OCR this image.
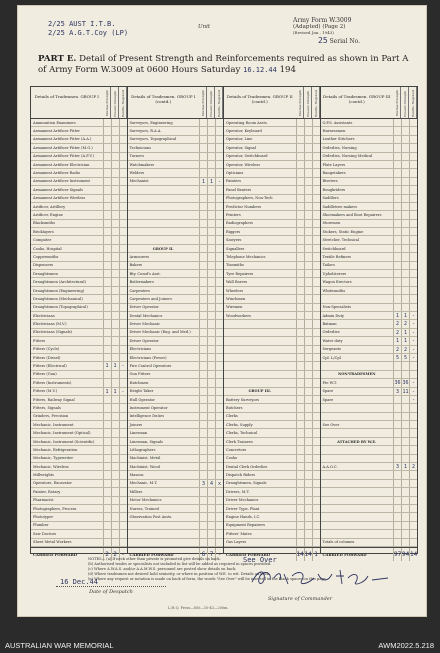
Army Form W.3009
(Adapted) (Page 2)
(Revised Jan., 1943)
25 Serial No.
2/25 AUST I.T.B.
2/25 A.G.T.Coy (LP)
Unit
PART E. Detail of Present Strength and Reinforcements required as shown in Part A of Army Form W.3009 at 0600 Hours Saturday 16.12.44 194
Details of Tradesmen. GROUP I	Normal Strength	Present Strength	Reinfts. Required
Ammunition Examiners
Armament Artificer Fitter
Armament Artificer Fitter (A.A.)
Armament Artificer Fitter (M.G.)
Armament Artificer Fitter (A.F.V.)
Armament Artificer Electrician
Armament Artificer Radio
Armament Artificer Instrument
Armament Artificer Signals
Armament Artificer Wireless
Artificer, Artillery
Artificer, Engine
Blacksmiths
Bricklayers
Computer
Cooks, Hospital
Coppersmiths
Dispensers
Draughtsmen
Draughtsmen (Architectural)
Draughtsmen (Engineering)
Draughtsmen (Mechanical)
Draughtsmen (Topographical)
Electricians
Electricians (M.V.)
Electricians (Signals)
Fitters
Fitters (Cycle)
Fitters (Diesel)
Fitters (Electrical)	1 1 -
Fitters (Gun)
Fitters (Instruments)
Fitters (M.V.)	1 1 -
Fitters, Railway Signal
Fitters, Signals
Grinders, Precision
Mechanic, Instrument
Mechanic, Instrument (Optical)
Mechanic, Instrument (Scientific)
Mechanic, Refrigeration
Mechanic, Typewriter
Mechanic, Wireless
Millwrights
Operators, Excavator
Painter, Rotary
Pharmacist
Photographers, Process
Phototyper
Plumber
Saw Doctors
Sheet Metal Workers
CARRIED FORWARD	2 2 -
Details of Tradesmen. GROUP I (contd.)	Normal Strength	Present Strength	Reinfts. Required
Surveyors, Engineering
Surveyors, R.A.A.
Surveyors, Topographical
Technicians
Turners
Watchmakers
Welders
Mechanist	1 1 -
GROUP II.
Armourers
Bakers
Bty. Comd's Asst.
Boilermakers
Carpenters
Carpenters and Joiners
Driver Operator
Dental Mechanics
Driver Mechanic
Driver Mechanic (Eng. and Med.)
Driver Operator
Electricians
Electricians (Power)
Fire Control Operators
Gun Fitters
Hatchmen
Height Taker
Hull Operator
Instrument Operator
Intelligence Duties
Joiners
Linesman
Linesman, Signals
Lithographers
Machinist, Metal
Machinist, Wood
Masons
Mechanic, M.T.	3 4 x
Millers
Motor Mechanics
Nurses, Trained
Observation Post Assts.
CARRIED FORWARD	6 7 -
Details of Tradesmen. GROUP II (contd.)	Normal Strength	Present Strength	Reinfts. Required
Operating Room Assts.
Operator, Keyboard
Operator, Line
Operator, Signal
Operator, Switchboard
Operator, Wireless
Opticians
Painters
Panel Beaters
Photographers, Non-Tech
Predictor Numbers
Printers
Radiographers
Riggers
Sawyers
Signallers
Telephone Mechanics
Tinsmiths
Tyre Repairers
Wall Borers
Wheelers
Winchmen
Wiremen
Woodworkers
GROUP III.
Battery Surveyors
Butchers
Clerks
Clerks, Supply
Clerks, Technical
Clerk Trainees
Concretors
Cooks
Dental Clerk Orderlies
Dispatch Riders
Draughtsmen, Signals
Drivers, M.T.
Driver Mechanics
Driver Type, Plant
Engine Hands, I.C.
Equipment Repairers
Fitters' Mates
Gas Layers
CARRIED FORWARD	14 14 1
Details of Tradesmen. GROUP III (contd.)	Normal Strength	Present Strength	Reinfts. Required
O.P.S. Assistants
Harnessmen
Leather Stitchers
Orderlies, Nursing
Orderlies, Nursing Medical
Plate Layers
Rangetakers
Riveters
Roughriders
Saddlers
Saddletree makers
Shoemakers and Boot Repairers
Storemen
Stokers, Static Engine
Stretcher, Technical
Switchboard
Textile Refiners
Tailors
Upholsterers
Wagon Erectors
Whitesmiths
Non-Specialists
Admin Duty	1 1 -
Batman	2 2 -
Orderlies	2 1 -
Water duty	1 1 -
Sergeants	2 2 -
Cpl. L/Cpl	5 5 -
NON-TRADESMEN
Pte W.T.	36 36 -
Spare	3 11 -
Spare	-
See Over
ATTACHED BY W.E.
A.A.O.C.	3 1 2
Totals of columns
CARRIED FORWARD	97 94 14
See Over
NOTES— (a) If neck other than private is promoted give details on back.
(b) Authorised trades or specialists not included in list will be added as required in spaces provided.
(c) Where A.W.A.S. and/or A.A.M.W.S. personnel are posted show details on back.
(d) Where tradesmen not desired hold seniority, or where in position of W.E. to wit. Details on back.
(e) Where any request or notation is made on back of form, the words "See Over" will be inserted in the blank spaces on this page.
16 Dec.44
Date of Despatch
Signature of Commander
L.H.Q. Press—850—10-43—200m.
AUSTRALIAN WAR MEMORIAL	AWM2022.5.218
